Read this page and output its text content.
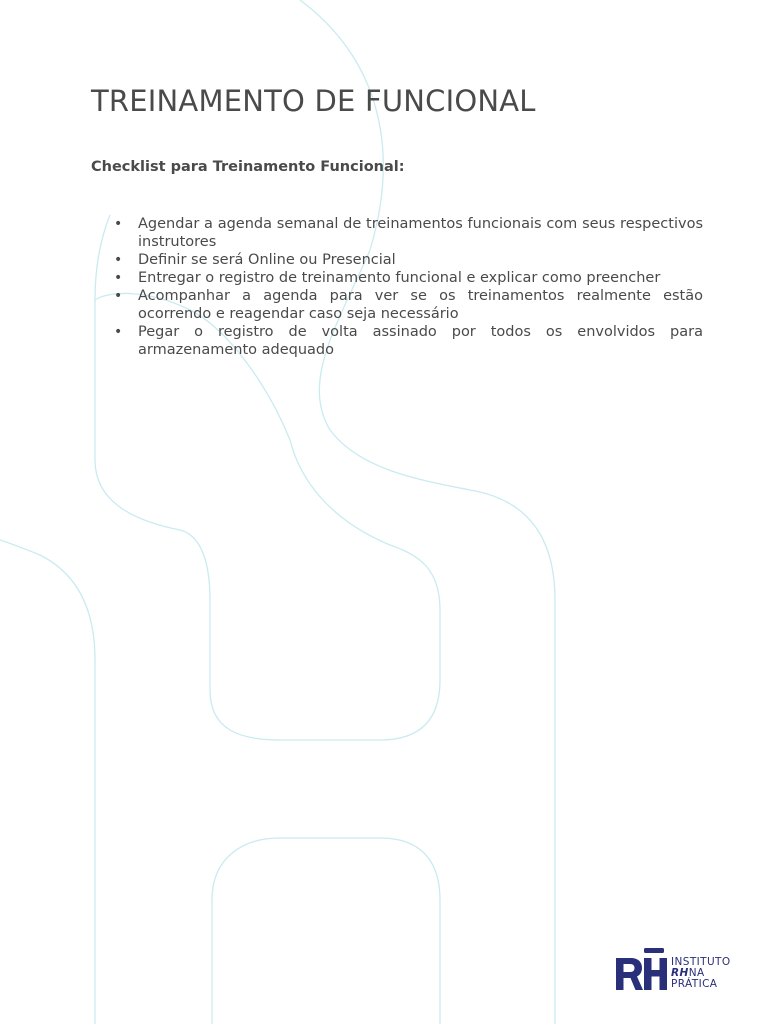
TREINAMENTO DE FUNCIONAL
Checklist para Treinamento Funcional:
•	Agendar a agenda semanal de treinamentos funcionais com seus respectivos instrutores
•	Definir se será Online ou Presencial
•	Entregar o registro de treinamento funcional e explicar como preencher
•	Acompanhar a agenda para ver se os treinamentos realmente estão ocorrendo e reagendar caso seja necessário
•	Pegar o registro de volta assinado por todos os envolvidos para armazenamento adequado
INSTITUTO
RHNA
PRÁTICA
